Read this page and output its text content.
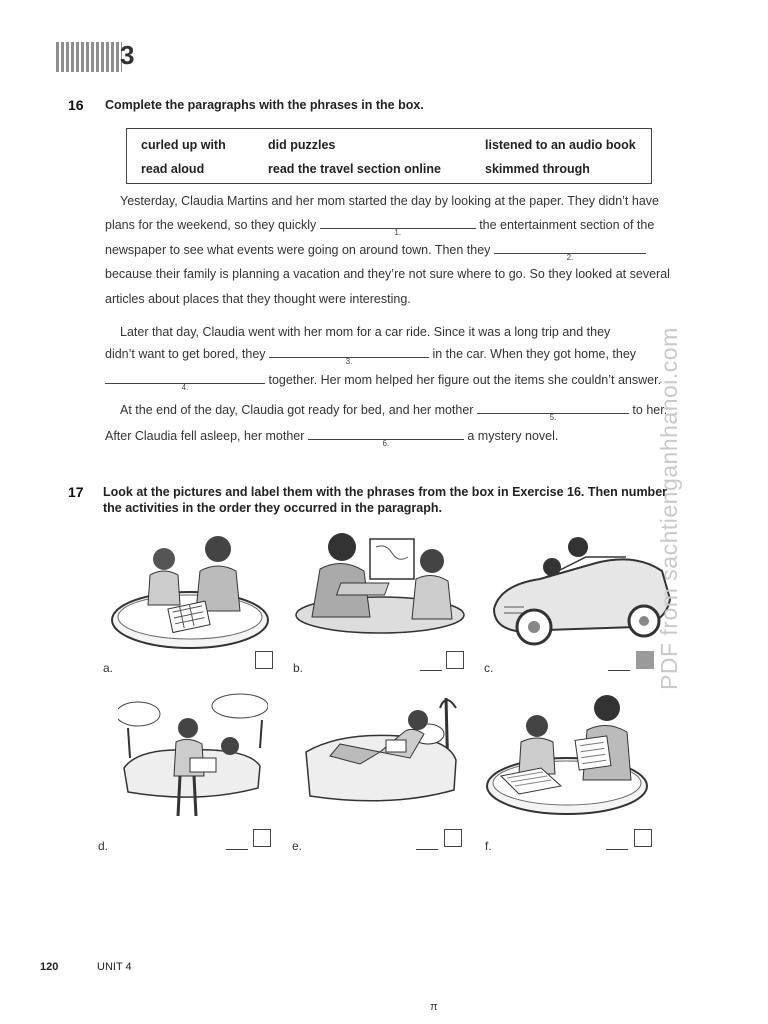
3
16 Complete the paragraphs with the phrases in the box.
curled up with	did puzzles	listened to an audio book
read aloud	read the travel section online	skimmed through
Yesterday, Claudia Martins and her mom started the day by looking at the paper. They didn’t have
plans for the weekend, so they quickly
1.
the entertainment section of the
newspaper to see what events were going on around town. Then they
2.
because their family is planning a vacation and they’re not sure where to go. So they looked at several
articles about places that they thought were interesting.
Later that day, Claudia went with her mom for a car ride. Since it was a long trip and they
didn’t want to get bored, they
3.
in the car. When they got home, they
4.
together. Her mom helped her figure out the items she couldn’t answer.
At the end of the day, Claudia got ready for bed, and her mother
5.
to her.
After Claudia fell asleep, her mother
6.
a mystery novel.
17 Look at the pictures and label them with the phrases from the box in Exercise 16. Then number
the activities in the order they occurred in the paragraph.
a.	b.	c.
d.	e.	f.
PDF from sachtienganhhanoi.com
120	UNIT 4
π
